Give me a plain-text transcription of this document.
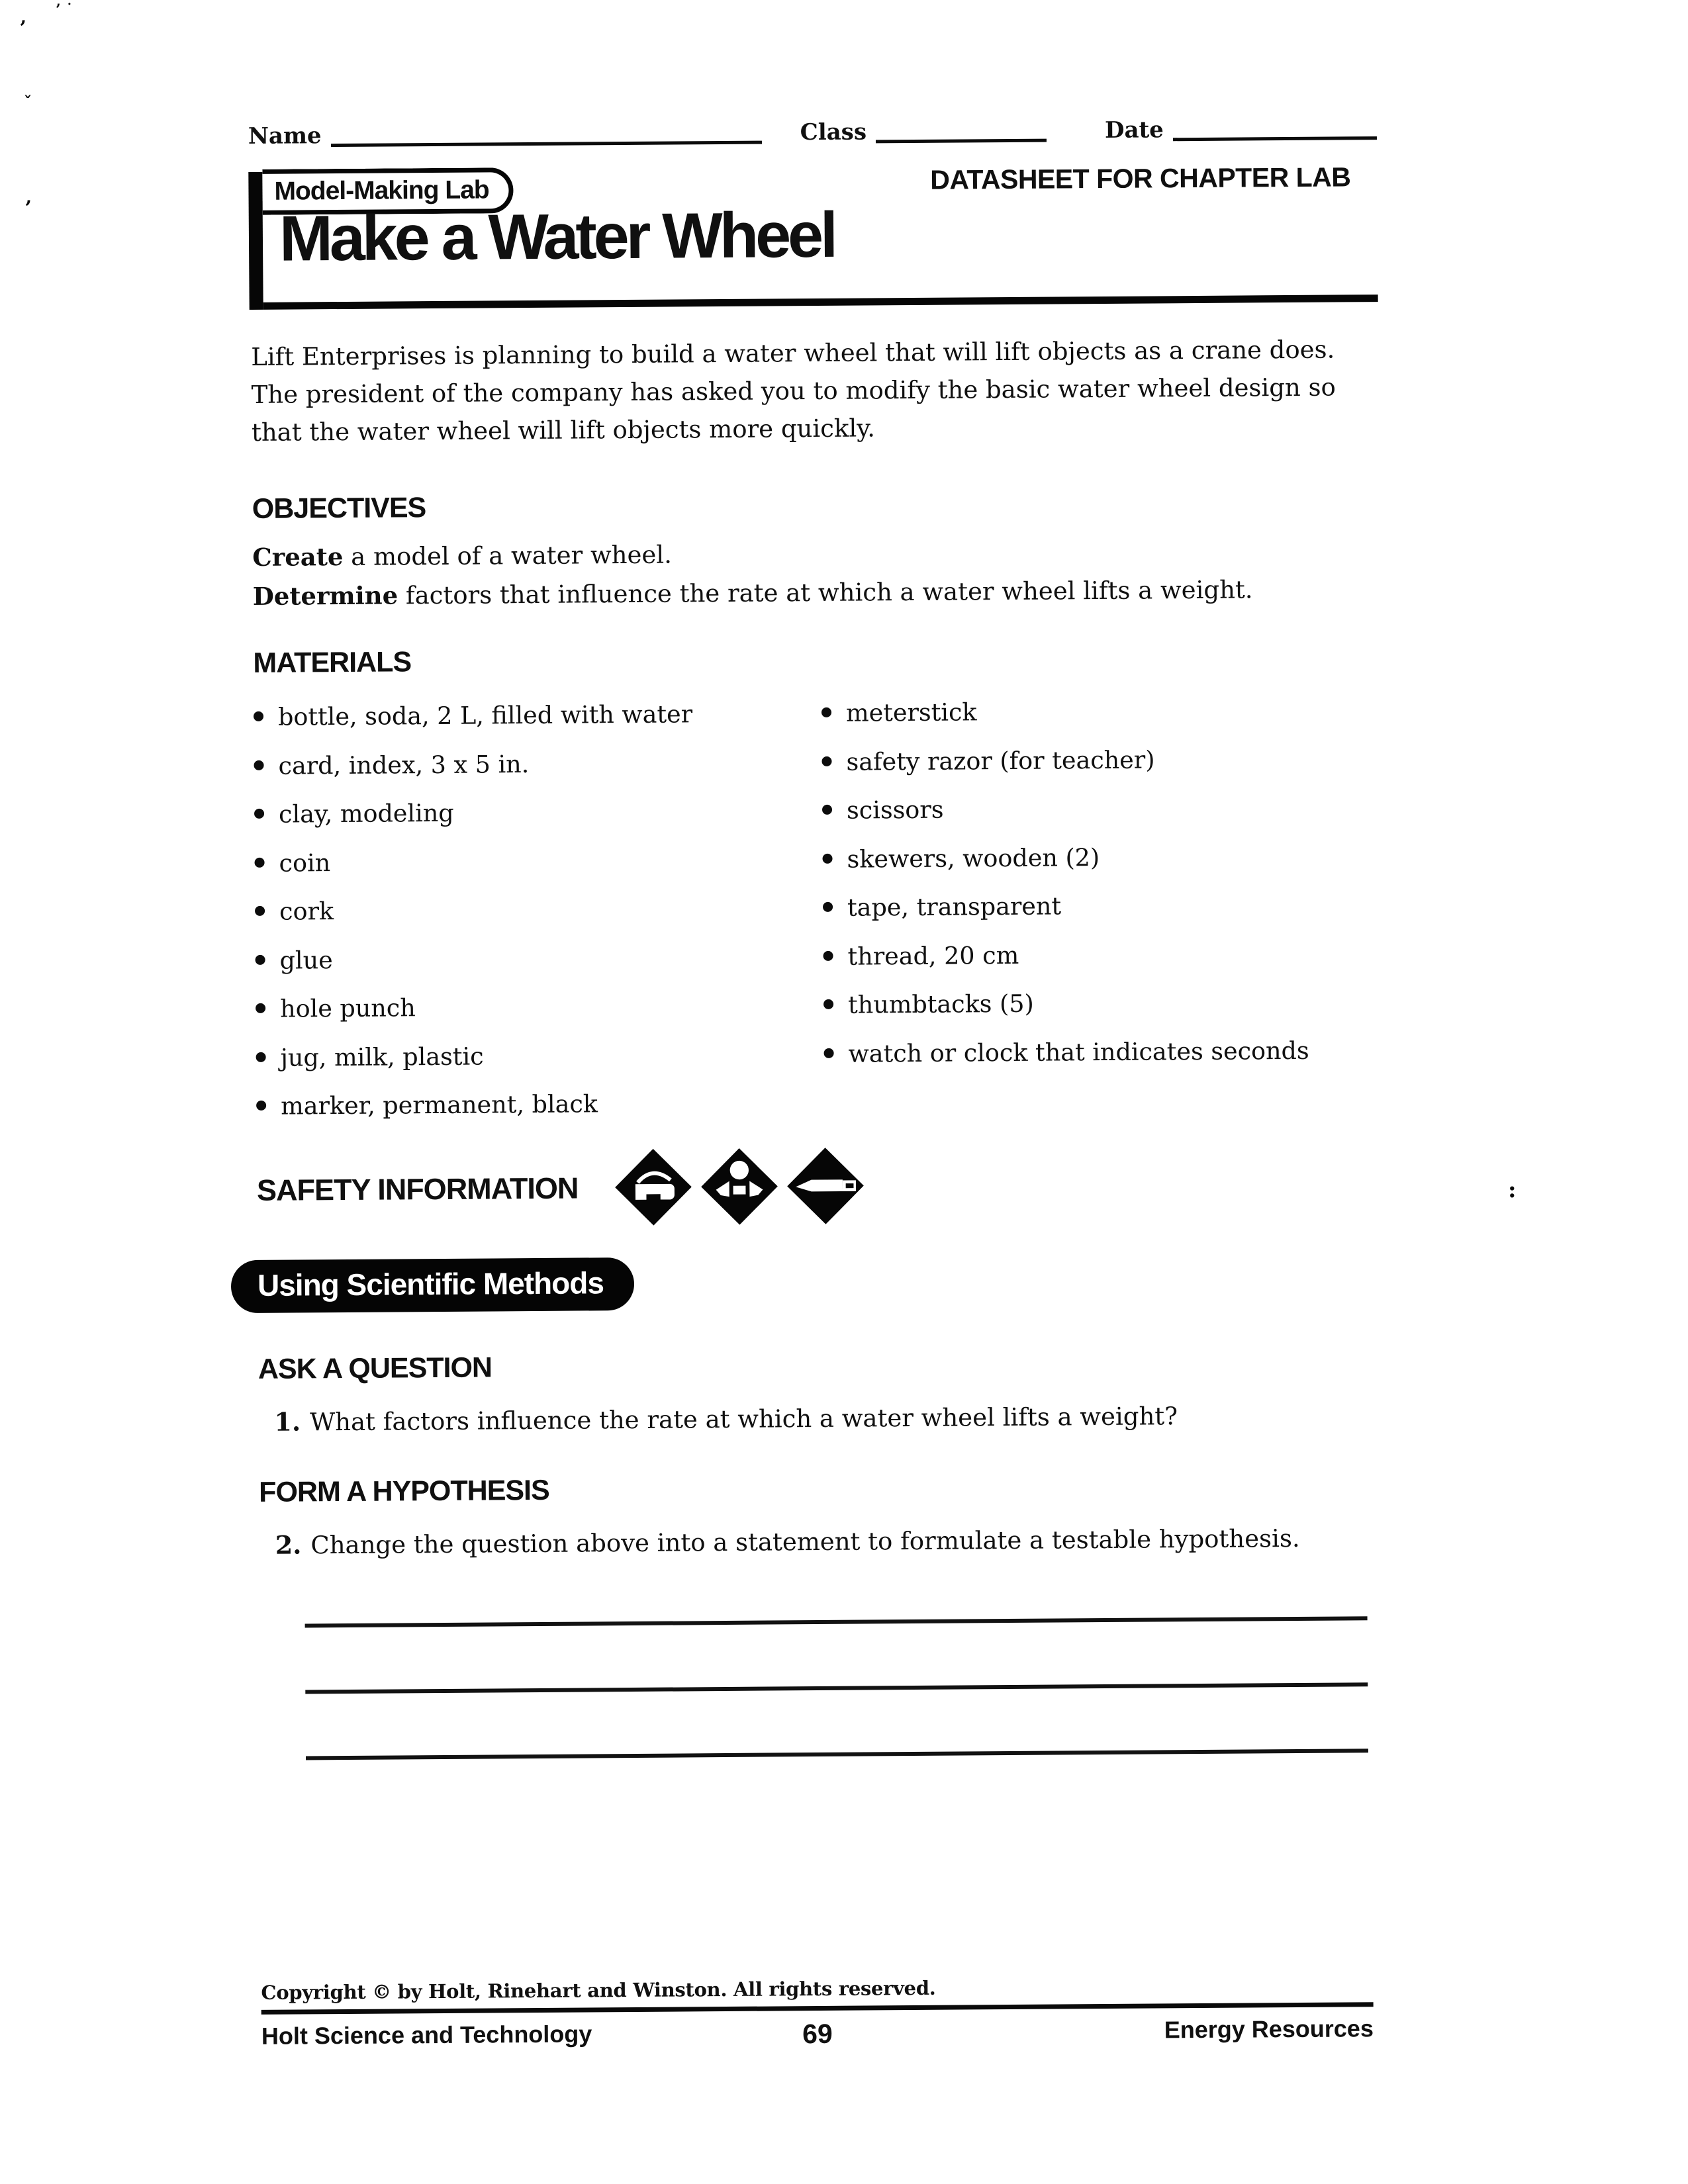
Name	Class	Date
Model-Making Lab	DATASHEET FOR CHAPTER LAB
Make a Water Wheel

Lift Enterprises is planning to build a water wheel that will lift objects as a crane does. The president of the company has asked you to modify the basic water wheel design so that the water wheel will lift objects more quickly.

OBJECTIVES

Create a model of a water wheel.

Determine factors that influence the rate at which a water wheel lifts a weight.

MATERIALS
bottle, soda, 2 L, filled with water
card, index, 3 x 5 in.
clay, modeling
coin
cork
glue
hole punch
jug, milk, plastic
marker, permanent, black
meterstick
safety razor (for teacher)
scissors
skewers, wooden (2)
tape, transparent
thread, 20 cm
thumbtacks (5)
watch or clock that indicates seconds
SAFETY INFORMATION
Using Scientific Methods
ASK A QUESTION

1. What factors influence the rate at which a water wheel lifts a weight?

FORM A HYPOTHESIS

2. Change the question above into a statement to formulate a testable hypothesis.

Copyright © by Holt, Rinehart and Winston. All rights reserved.
Holt Science and Technology	69	Energy Resources
‚ ’ ˙
ˇ
‚
:
